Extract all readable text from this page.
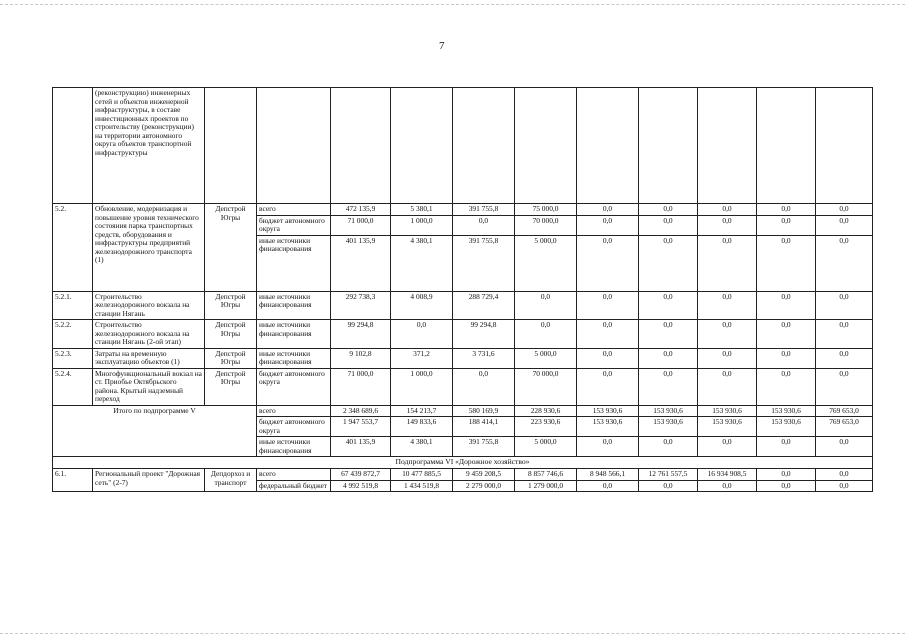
7
	(реконструкцию) инженерных сетей и объектов инженерной инфраструктуры, в составе инвестиционных проектов по строительству (реконструкции) на территории автономного округа объектов транспортной инфраструктуры											
5.2.	Обновление, модернизация и повышение уровня технического состояния парка транспортных средств, оборудования и инфраструктуры предприятий железнодорожного транспорта (1)	Депстрой Югры	всего	472 135,9	5 380,1	391 755,8	75 000,0	0,0	0,0	0,0	0,0	0,0
			бюджет автономного округа	71 000,0	1 000,0	0,0	70 000,0	0,0	0,0	0,0	0,0	0,0
			иные источники финансирования	401 135,9	4 380,1	391 755,8	5 000,0	0,0	0,0	0,0	0,0	0,0
5.2.1.	Строительство железнодорожного вокзала на станции Нягань	Депстрой Югры	иные источники финансирования	292 738,3	4 008,9	288 729,4	0,0	0,0	0,0	0,0	0,0	0,0
5.2.2.	Строительство железнодорожного вокзала на станции Нягань (2-ой этап)	Депстрой Югры	иные источники финансирования	99 294,8	0,0	99 294,8	0,0	0,0	0,0	0,0	0,0	0,0
5.2.3.	Затраты на временную эксплуатацию объектов (1)	Депстрой Югры	иные источники финансирования	9 102,8	371,2	3 731,6	5 000,0	0,0	0,0	0,0	0,0	0,0
5.2.4.	Многофункциональный вокзал на ст. Приобье Октябрьского района. Крытый надземный переход	Депстрой Югры	бюджет автономного округа	71 000,0	1 000,0	0,0	70 000,0	0,0	0,0	0,0	0,0	0,0
Итого по подпрограмме V			всего	2 348 689,6	154 213,7	580 169,9	228 930,6	153 930,6	153 930,6	153 930,6	153 930,6	769 653,0
			бюджет автономного округа	1 947 553,7	149 833,6	188 414,1	223 930,6	153 930,6	153 930,6	153 930,6	153 930,6	769 653,0
			иные источники финансирования	401 135,9	4 380,1	391 755,8	5 000,0	0,0	0,0	0,0	0,0	0,0
Подпрограмма VI «Дорожное хозяйство»												
6.1.	Региональный проект "Дорожная сеть" (2-7)	Депдорхоз и транспорт	всего	67 439 872,7	10 477 885,5	9 459 208,5	8 857 746,6	8 948 566,1	12 761 557,5	16 934 908,5	0,0	0,0
			федеральный бюджет	4 992 519,8	1 434 519,8	2 279 000,0	1 279 000,0	0,0	0,0	0,0	0,0	0,0
